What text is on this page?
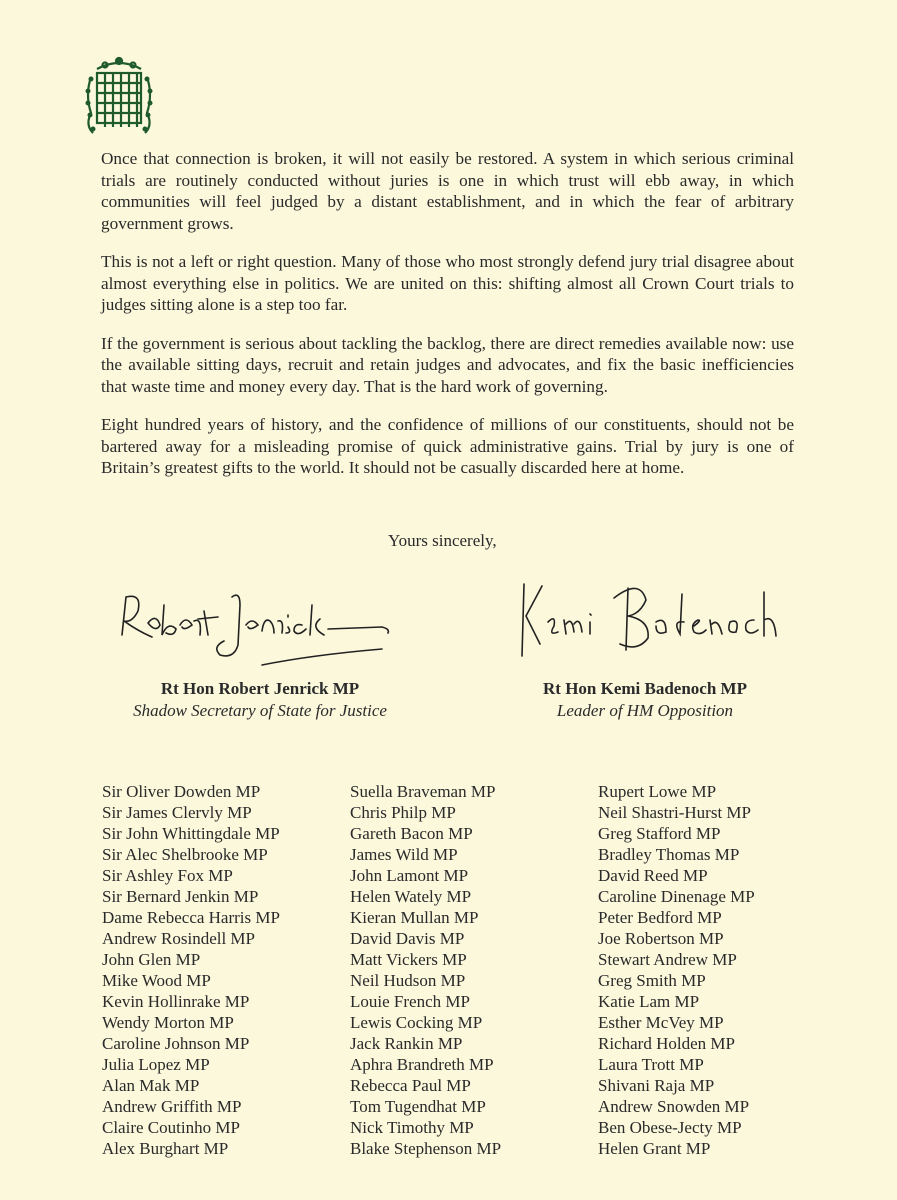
Once that connection is broken, it will not easily be restored. A system in which serious criminal trials are routinely conducted without juries is one in which trust will ebb away, in which communities will feel judged by a distant establishment, and in which the fear of arbitrary government grows.

This is not a left or right question. Many of those who most strongly defend jury trial disagree about almost everything else in politics. We are united on this: shifting almost all Crown Court trials to judges sitting alone is a step too far.

If the government is serious about tackling the backlog, there are direct remedies available now: use the available sitting days, recruit and retain judges and advocates, and fix the basic inefficiencies that waste time and money every day. That is the hard work of governing.

Eight hundred years of history, and the confidence of millions of our constituents, should not be bartered away for a misleading promise of quick administrative gains. Trial by jury is one of Britain’s greatest gifts to the world. It should not be casually discarded here at home.

Yours sincerely,
Rt Hon Robert Jenrick MP
Shadow Secretary of State for Justice
Rt Hon Kemi Badenoch MP
Leader of HM Opposition
Sir Oliver Dowden MP
Sir James Clervly MP
Sir John Whittingdale MP
Sir Alec Shelbrooke MP
Sir Ashley Fox MP
Sir Bernard Jenkin MP
Dame Rebecca Harris MP
Andrew Rosindell MP
John Glen MP
Mike Wood MP
Kevin Hollinrake MP
Wendy Morton MP
Caroline Johnson MP
Julia Lopez MP
Alan Mak MP
Andrew Griffith MP
Claire Coutinho MP
Alex Burghart MP
Suella Braveman MP
Chris Philp MP
Gareth Bacon MP
James Wild MP
John Lamont MP
Helen Wately MP
Kieran Mullan MP
David Davis MP
Matt Vickers MP
Neil Hudson MP
Louie French MP
Lewis Cocking MP
Jack Rankin MP
Aphra Brandreth MP
Rebecca Paul MP
Tom Tugendhat MP
Nick Timothy MP
Blake Stephenson MP
Rupert Lowe MP
Neil Shastri-Hurst MP
Greg Stafford MP
Bradley Thomas MP
David Reed MP
Caroline Dinenage MP
Peter Bedford MP
Joe Robertson MP
Stewart Andrew MP
Greg Smith MP
Katie Lam MP
Esther McVey MP
Richard Holden MP
Laura Trott MP
Shivani Raja MP
Andrew Snowden MP
Ben Obese-Jecty MP
Helen Grant MP
